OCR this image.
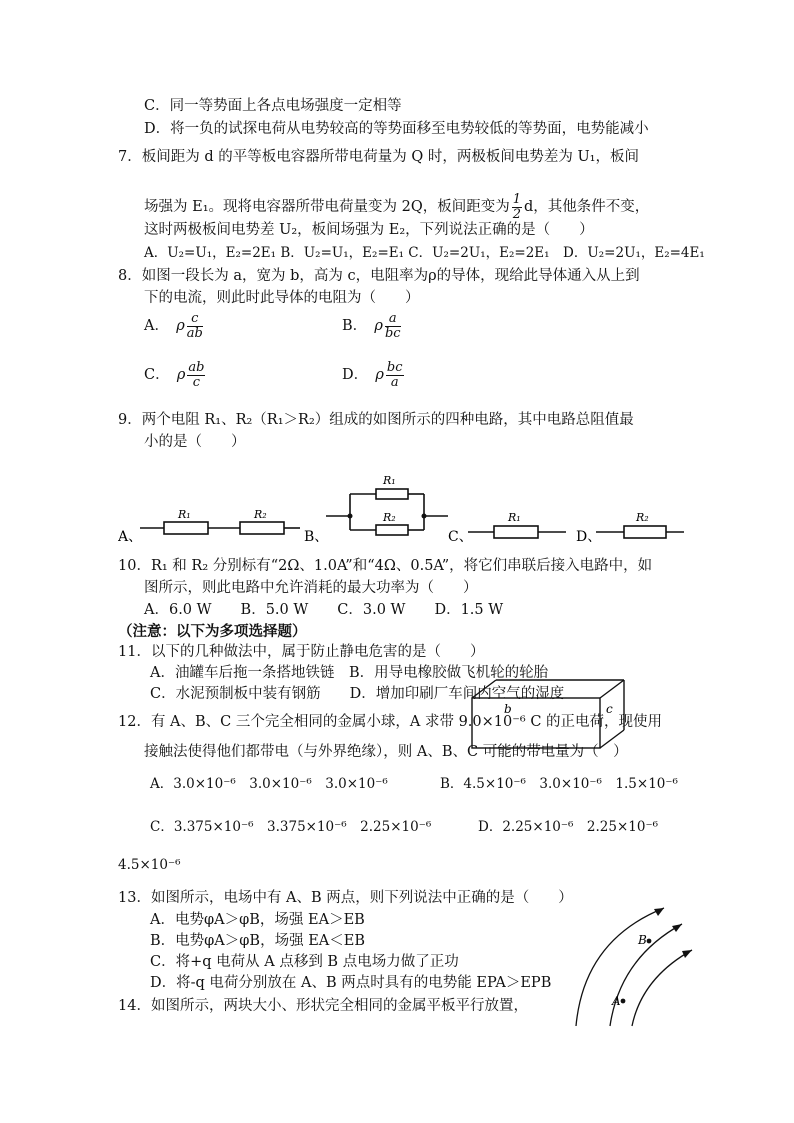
C．同一等势面上各点电场强度一定相等
D．将一负的试探电荷从电势较高的等势面移至电势较低的等势面，电势能减小
7．板间距为 d 的平等板电容器所带电荷量为 Q 时，两极板间电势差为 U₁，板间
场强为 E₁。现将电容器所带电荷量变为 2Q，板间距变为 $\frac{1}{2}$ d，其他条件不变，
这时两极板间电势差 U₂，板间场强为 E₂，下列说法正确的是（　　）
A．U₂=U₁，E₂=2E₁ B．U₂=U₁，E₂=E₁ C．U₂=2U₁，E₂=2E₁　D．U₂=2U₁，E₂=4E₁
8．如图一段长为 a，宽为 b，高为 c，电阻率为ρ的导体，现给此导体通入从上到
下的电流，则此时此导体的电阻为（　　）
A．　 ρ $\frac{c}{ab}$	B．　 ρ $\frac{a}{bc}$
C．　 ρ $\frac{ab}{c}$	D．　 ρ $\frac{bc}{a}$
9．两个电阻 R₁、R₂（R₁＞R₂）组成的如图所示的四种电路，其中电路总阻值最
小的是（　　）
A、	B、	C、	D、
R₁	R₂
R₁
R₂	R₁	R₂
10．R₁ 和 R₂ 分别标有“2Ω、1.0A”和“4Ω、0.5A”，将它们串联后接入电路中，如
图所示，则此电路中允许消耗的最大功率为（　　）
A．6.0 W　　B．5.0 W　　C．3.0 W　　D．1.5 W
（注意：以下为多项选择题）
11．以下的几种做法中，属于防止静电危害的是（　　）
A．油罐车后拖一条搭地铁链　B．用导电橡胶做飞机轮的轮胎
C．水泥预制板中装有钢筋　　D．增加印刷厂车间内空气的湿度
b	c
12．有 A、B、C 三个完全相同的金属小球，A 求带 9.0×10⁻⁶ C 的正电荷，现使用
接触法使得他们都带电（与外界绝缘），则 A、B、C 可能的带电量为（　）
A．3.0×10⁻⁶　3.0×10⁻⁶　3.0×10⁻⁶	B．4.5×10⁻⁶　3.0×10⁻⁶　1.5×10⁻⁶
C．3.375×10⁻⁶　3.375×10⁻⁶　2.25×10⁻⁶	D．2.25×10⁻⁶　2.25×10⁻⁶
4.5×10⁻⁶
13．如图所示，电场中有 A、B 两点，则下列说法中正确的是（　　）
A．电势φA＞φB，场强 EA＞EB
B．电势φA＞φB，场强 EA＜EB
C．将+q 电荷从 A 点移到 B 点电场力做了正功
D．将-q 电荷分别放在 A、B 两点时具有的电势能 EPA＞EPB
14．如图所示，两块大小、形状完全相同的金属平板平行放置，	A
B
